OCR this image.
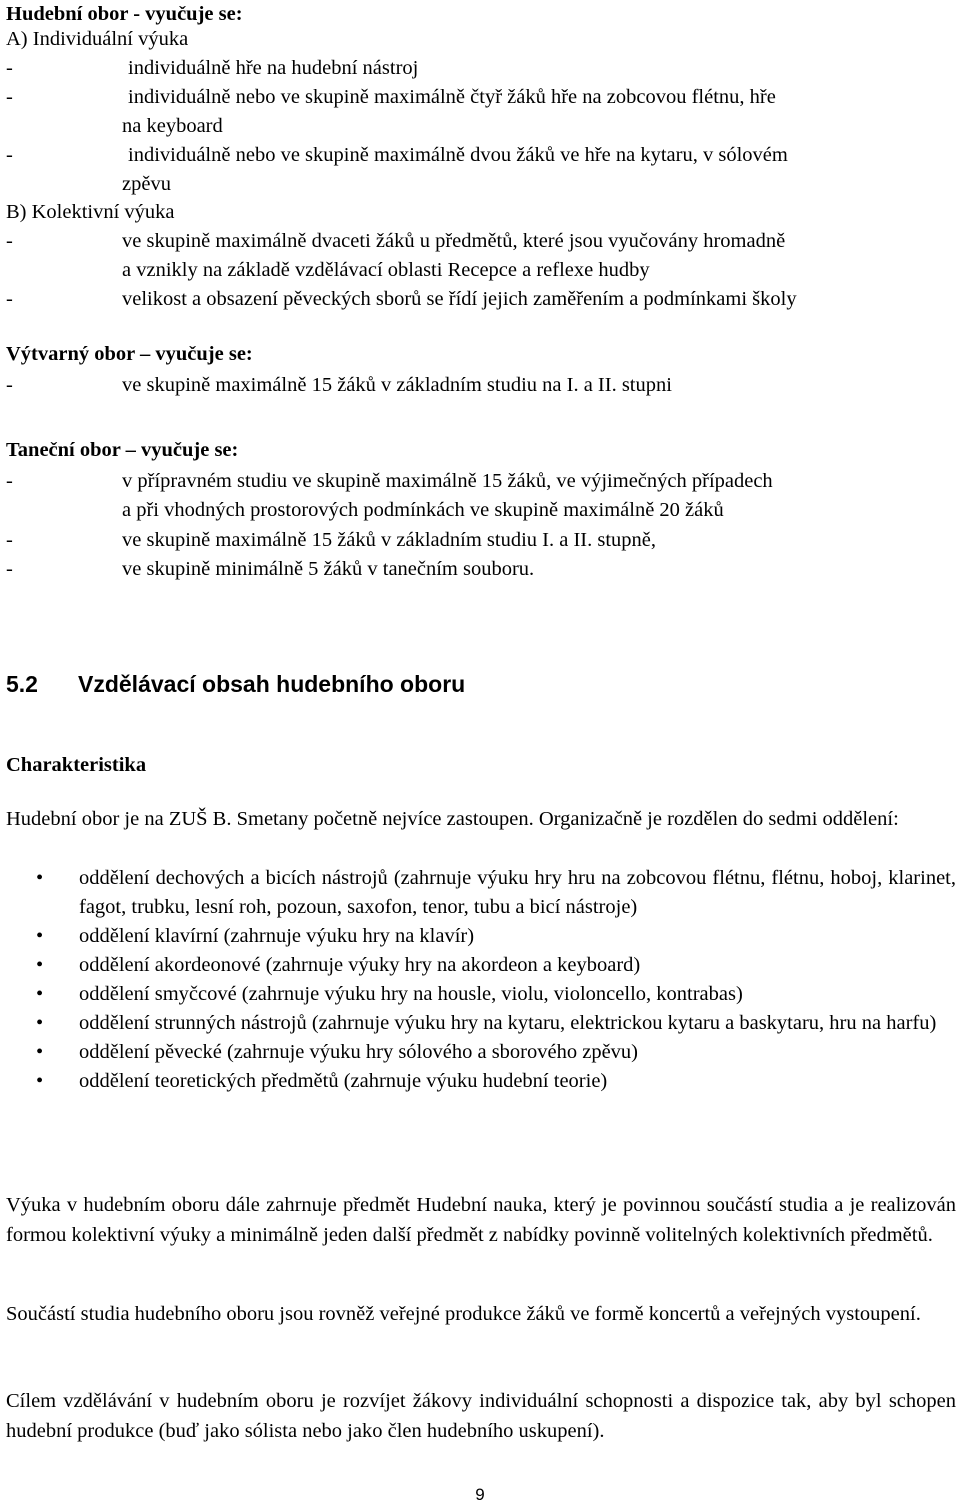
Hudební obor - vyučuje se:
A) Individuální výuka
-	individuálně hře na hudební nástroj
-	individuálně nebo ve skupině maximálně čtyř žáků hře na zobcovou flétnu, hře
na keyboard
-	individuálně nebo ve skupině maximálně dvou žáků ve hře na kytaru, v sólovém
zpěvu
B) Kolektivní výuka
-	ve skupině maximálně dvaceti žáků u předmětů, které jsou vyučovány hromadně
a vznikly na základě vzdělávací oblasti Recepce a reflexe hudby
-	velikost a obsazení pěveckých sborů se řídí jejich zaměřením a podmínkami školy
Výtvarný obor – vyučuje se:
-	ve skupině maximálně 15 žáků v základním studiu na I. a II. stupni
Taneční obor – vyučuje se:
-	v přípravném studiu ve skupině maximálně 15 žáků, ve výjimečných případech
a při vhodných prostorových podmínkách ve skupině maximálně 20 žáků
-	ve skupině maximálně 15 žáků v základním studiu I. a II. stupně,
-	ve skupině minimálně 5 žáků v tanečním souboru.
5.2 Vzdělávací obsah hudebního oboru
Charakteristika
Hudební obor je na ZUŠ B. Smetany početně nejvíce zastoupen. Organizačně je rozdělen do sedmi oddělení:
• oddělení dechových a bicích nástrojů (zahrnuje výuku hry hru na zobcovou flétnu, flétnu, hoboj, klarinet, fagot, trubku, lesní roh, pozoun, saxofon, tenor, tubu a bicí nástroje)
• oddělení klavírní (zahrnuje výuku hry na klavír)
• oddělení akordeonové (zahrnuje výuky hry na akordeon a keyboard)
• oddělení smyčcové (zahrnuje výuku hry na housle, violu, violoncello, kontrabas)
• oddělení strunných nástrojů (zahrnuje výuku hry na kytaru, elektrickou kytaru a baskytaru, hru na harfu)
• oddělení pěvecké (zahrnuje výuku hry sólového a sborového zpěvu)
• oddělení teoretických předmětů (zahrnuje výuku hudební teorie)
Výuka v hudebním oboru dále zahrnuje předmět Hudební nauka, který je povinnou součástí studia a je realizován formou kolektivní výuky a minimálně jeden další předmět z nabídky povinně volitelných kolektivních předmětů.
Součástí studia hudebního oboru jsou rovněž veřejné produkce žáků ve formě koncertů a veřejných vystoupení.
Cílem vzdělávání v hudebním oboru je rozvíjet žákovy individuální schopnosti a dispozice tak, aby byl schopen hudební produkce (buď jako sólista nebo jako člen hudebního uskupení).
9
